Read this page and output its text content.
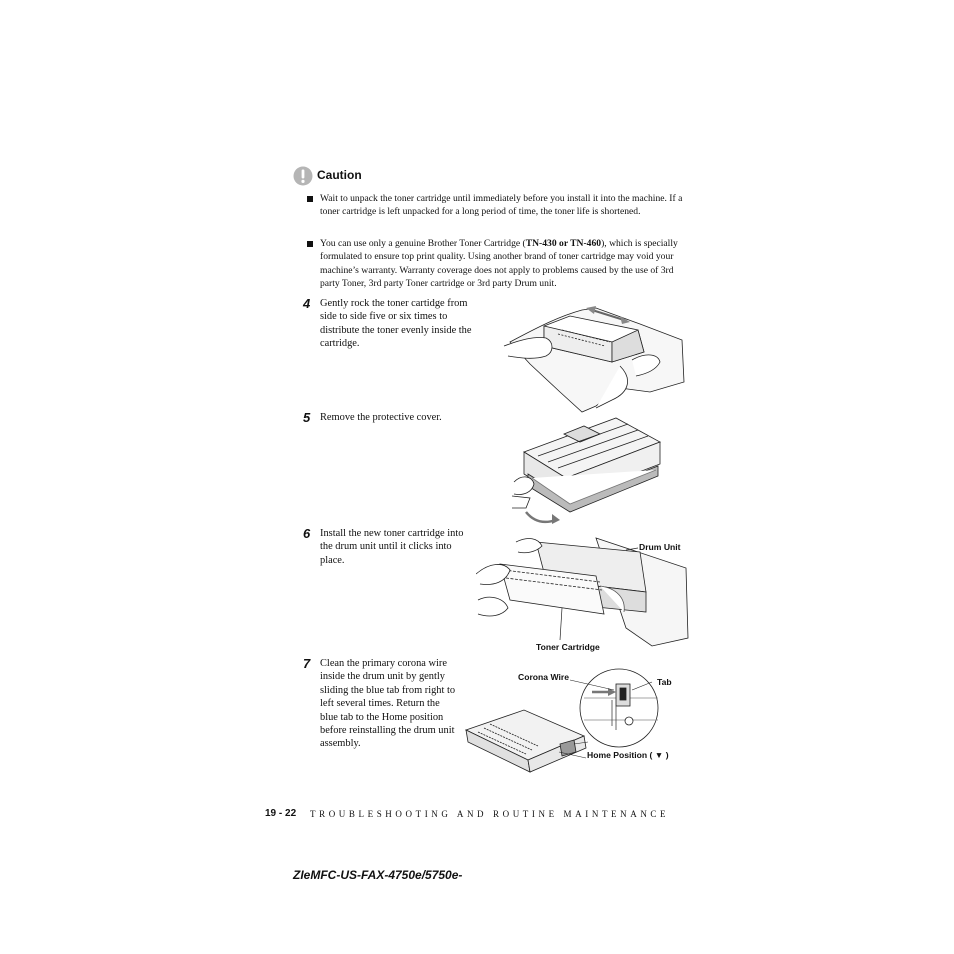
Caution
Wait to unpack the toner cartridge until immediately before you install it into the machine. If a toner cartridge is left unpacked for a long period of time, the toner life is shortened.
You can use only a genuine Brother Toner Cartridge (TN-430 or TN-460), which is specially formulated to ensure top print quality. Using another brand of toner cartridge may void your machine’s warranty. Warranty coverage does not apply to problems caused by the use of 3rd party Toner, 3rd party Toner cartridge or 3rd party Drum unit.
4 Gently rock the toner cartidge from side to side five or six times to distribute the toner evenly inside the cartridge.
5 Remove the protective cover.
6 Install the new toner cartridge into the drum unit until it clicks into place.
Drum Unit
Toner Cartridge
7 Clean the primary corona wire inside the drum unit by gently sliding the blue tab from right to left several times. Return the blue tab to the Home position before reinstalling the drum unit assembly.
Corona Wire	Tab
Home Position ( ▼ )
19 - 22 TROUBLESHOOTING AND ROUTINE MAINTENANCE
ZIeMFC-US-FAX-4750e/5750e-
